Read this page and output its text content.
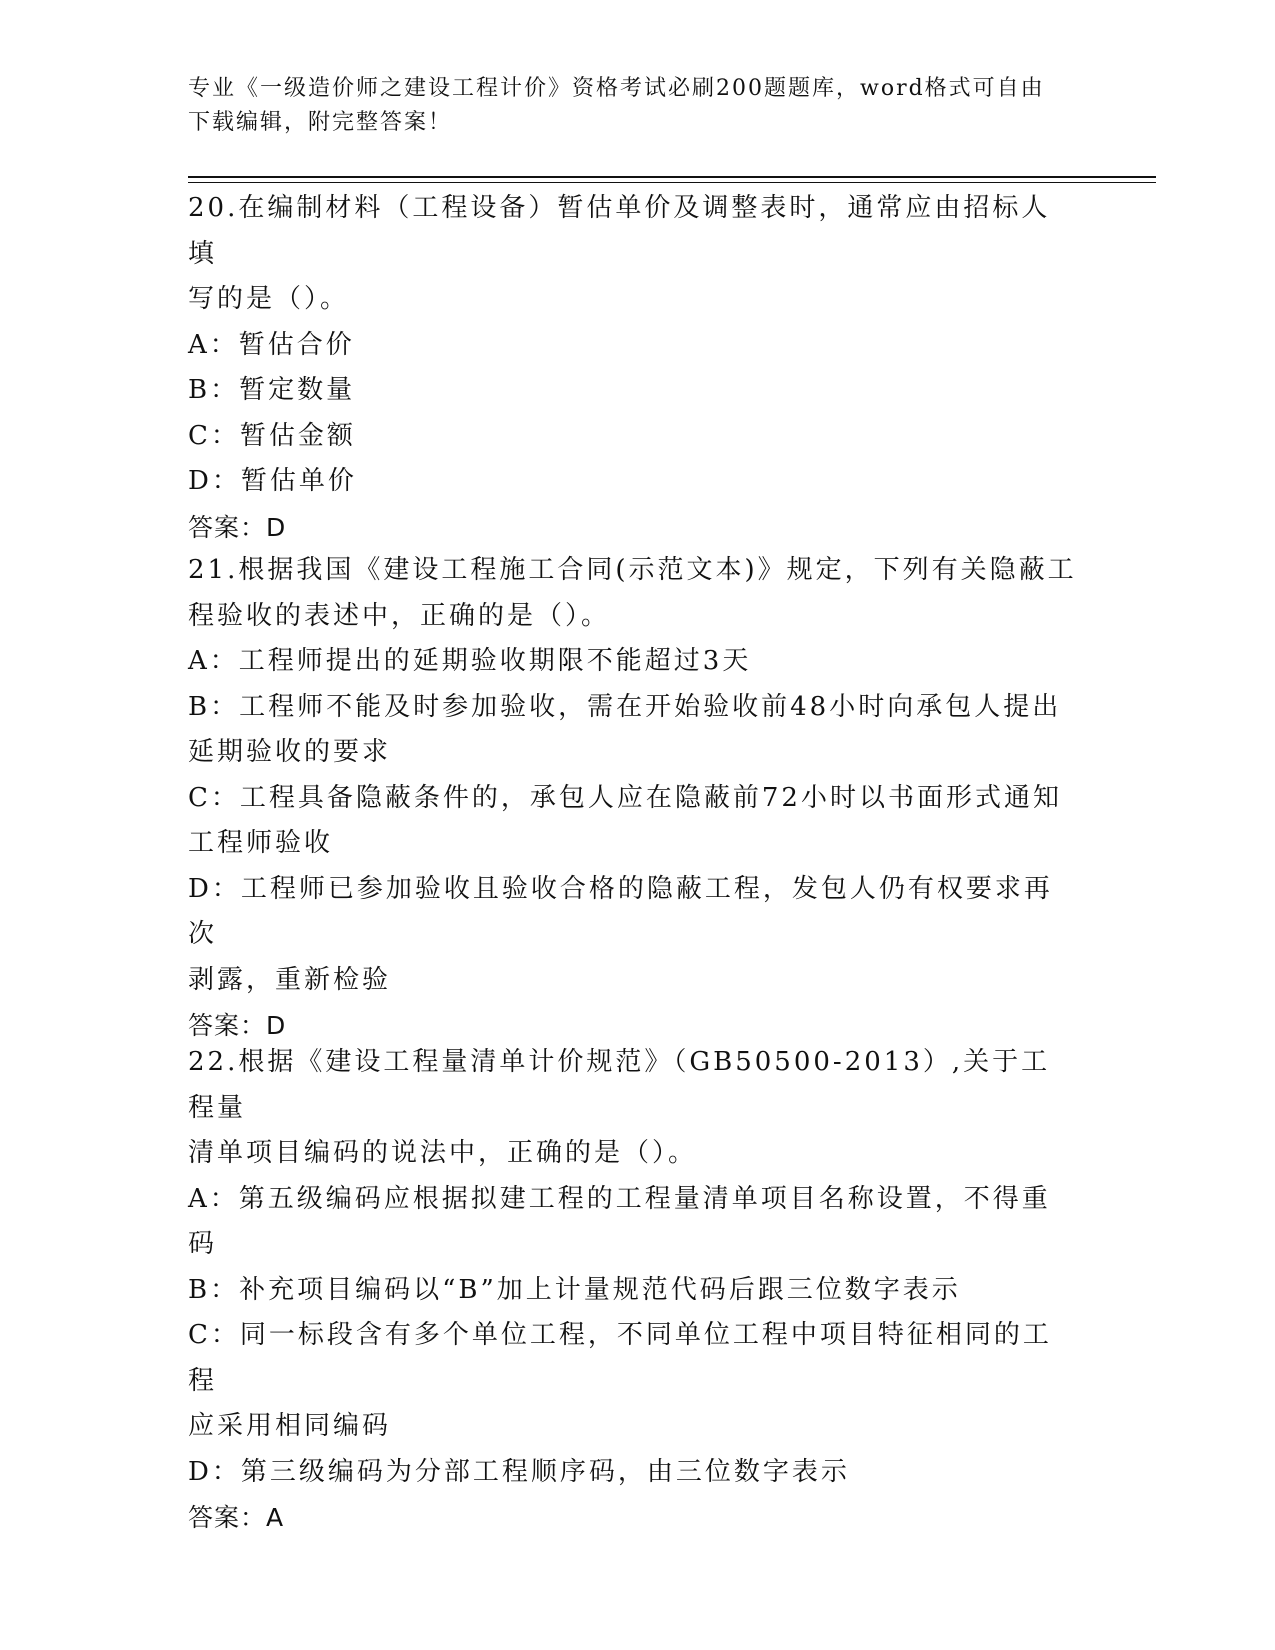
专业《一级造价师之建设工程计价》资格考试必刷200题题库，word格式可自由
下载编辑，附完整答案！

20.在编制材料（工程设备）暂估单价及调整表时，通常应由招标人填

写的是（）。

A：暂估合价

B：暂定数量

C：暂估金额

D：暂估单价

答案：D

21.根据我国《建设工程施工合同(示范文本)》规定，下列有关隐蔽工

程验收的表述中，正确的是（）。

A：工程师提出的延期验收期限不能超过3天

B：工程师不能及时参加验收，需在开始验收前48小时向承包人提出

延期验收的要求

C：工程具备隐蔽条件的，承包人应在隐蔽前72小时以书面形式通知

工程师验收

D：工程师已参加验收且验收合格的隐蔽工程，发包人仍有权要求再次

剥露，重新检验

答案：D

22.根据《建设工程量清单计价规范》（GB50500-2013）,关于工程量

清单项目编码的说法中，正确的是（）。

A：第五级编码应根据拟建工程的工程量清单项目名称设置，不得重码

B：补充项目编码以“B”加上计量规范代码后跟三位数字表示

C：同一标段含有多个单位工程，不同单位工程中项目特征相同的工程

应采用相同编码

D：第三级编码为分部工程顺序码，由三位数字表示

答案：A
